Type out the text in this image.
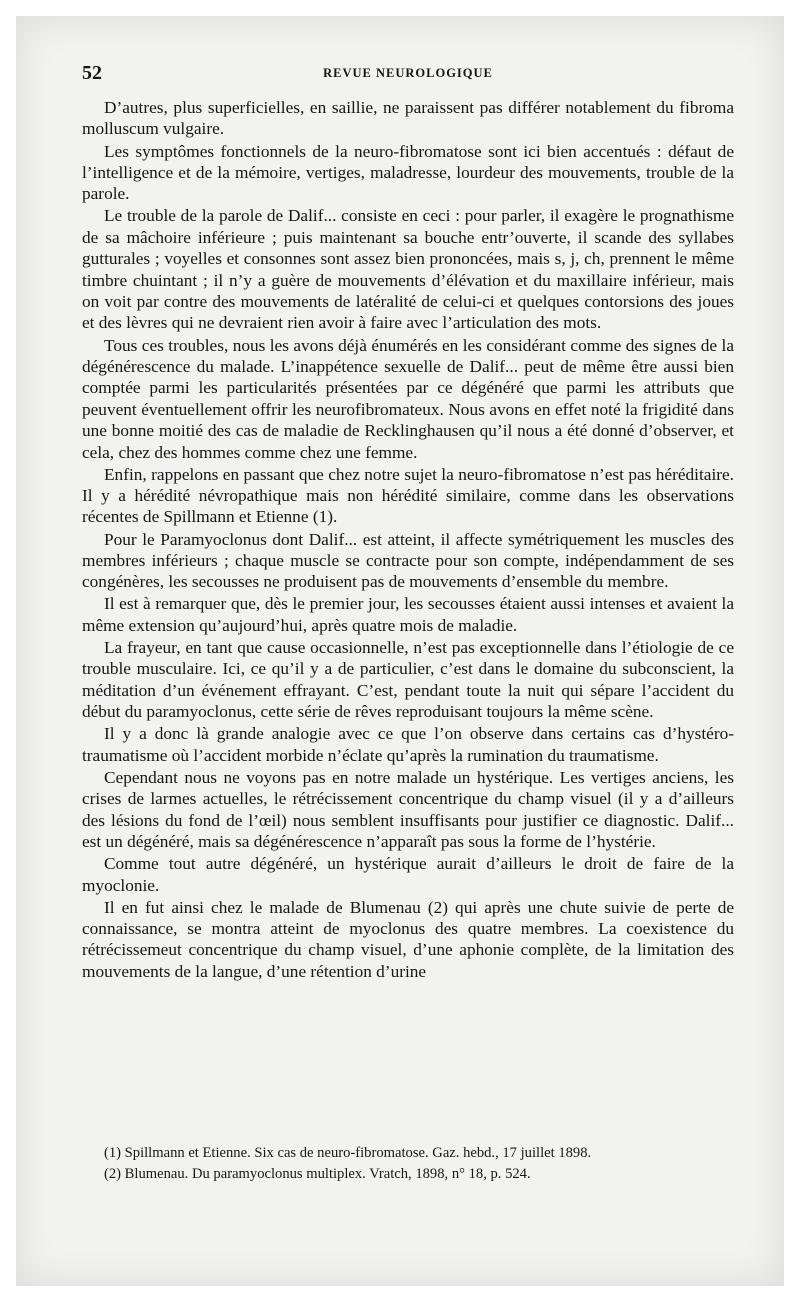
52	REVUE NEUROLOGIQUE

D’autres, plus superficielles, en saillie, ne paraissent pas différer notablement du fibroma molluscum vulgaire.

Les symptômes fonctionnels de la neuro-fibromatose sont ici bien accentués : défaut de l’intelligence et de la mémoire, vertiges, maladresse, lourdeur des mouvements, trouble de la parole.

Le trouble de la parole de Dalif... consiste en ceci : pour parler, il exagère le prognathisme de sa mâchoire inférieure ; puis maintenant sa bouche entr’ouverte, il scande des syllabes gutturales ; voyelles et consonnes sont assez bien prononcées, mais s, j, ch, prennent le même timbre chuintant ; il n’y a guère de mouvements d’élévation et du maxillaire inférieur, mais on voit par contre des mouvements de latéralité de celui-ci et quelques contorsions des joues et des lèvres qui ne devraient rien avoir à faire avec l’articulation des mots.

Tous ces troubles, nous les avons déjà énumérés en les considérant comme des signes de la dégénérescence du malade. L’inappétence sexuelle de Dalif... peut de même être aussi bien comptée parmi les particularités présentées par ce dégénéré que parmi les attributs que peuvent éventuellement offrir les neurofibromateux. Nous avons en effet noté la frigidité dans une bonne moitié des cas de maladie de Recklinghausen qu’il nous a été donné d’observer, et cela, chez des hommes comme chez une femme.

Enfin, rappelons en passant que chez notre sujet la neuro-fibromatose n’est pas héréditaire. Il y a hérédité névropathique mais non hérédité similaire, comme dans les observations récentes de Spillmann et Etienne (1).

Pour le Paramyoclonus dont Dalif... est atteint, il affecte symétriquement les muscles des membres inférieurs ; chaque muscle se contracte pour son compte, indépendamment de ses congénères, les secousses ne produisent pas de mouvements d’ensemble du membre.

Il est à remarquer que, dès le premier jour, les secousses étaient aussi intenses et avaient la même extension qu’aujourd’hui, après quatre mois de maladie.

La frayeur, en tant que cause occasionnelle, n’est pas exceptionnelle dans l’étiologie de ce trouble musculaire. Ici, ce qu’il y a de particulier, c’est dans le domaine du subconscient, la méditation d’un événement effrayant. C’est, pendant toute la nuit qui sépare l’accident du début du paramyoclonus, cette série de rêves reproduisant toujours la même scène.

Il y a donc là grande analogie avec ce que l’on observe dans certains cas d’hystéro-traumatisme où l’accident morbide n’éclate qu’après la rumination du traumatisme.

Cependant nous ne voyons pas en notre malade un hystérique. Les vertiges anciens, les crises de larmes actuelles, le rétrécissement concentrique du champ visuel (il y a d’ailleurs des lésions du fond de l’œil) nous semblent insuffisants pour justifier ce diagnostic. Dalif... est un dégénéré, mais sa dégénérescence n’apparaît pas sous la forme de l’hystérie.

Comme tout autre dégénéré, un hystérique aurait d’ailleurs le droit de faire de la myoclonie.

Il en fut ainsi chez le malade de Blumenau (2) qui après une chute suivie de perte de connaissance, se montra atteint de myoclonus des quatre membres. La coexistence du rétrécissemeut concentrique du champ visuel, d’une aphonie complète, de la limitation des mouvements de la langue, d’une rétention d’urine

(1) Spillmann et Etienne. Six cas de neuro-fibromatose. Gaz. hebd., 17 juillet 1898.

(2) Blumenau. Du paramyoclonus multiplex. Vratch, 1898, n° 18, p. 524.
